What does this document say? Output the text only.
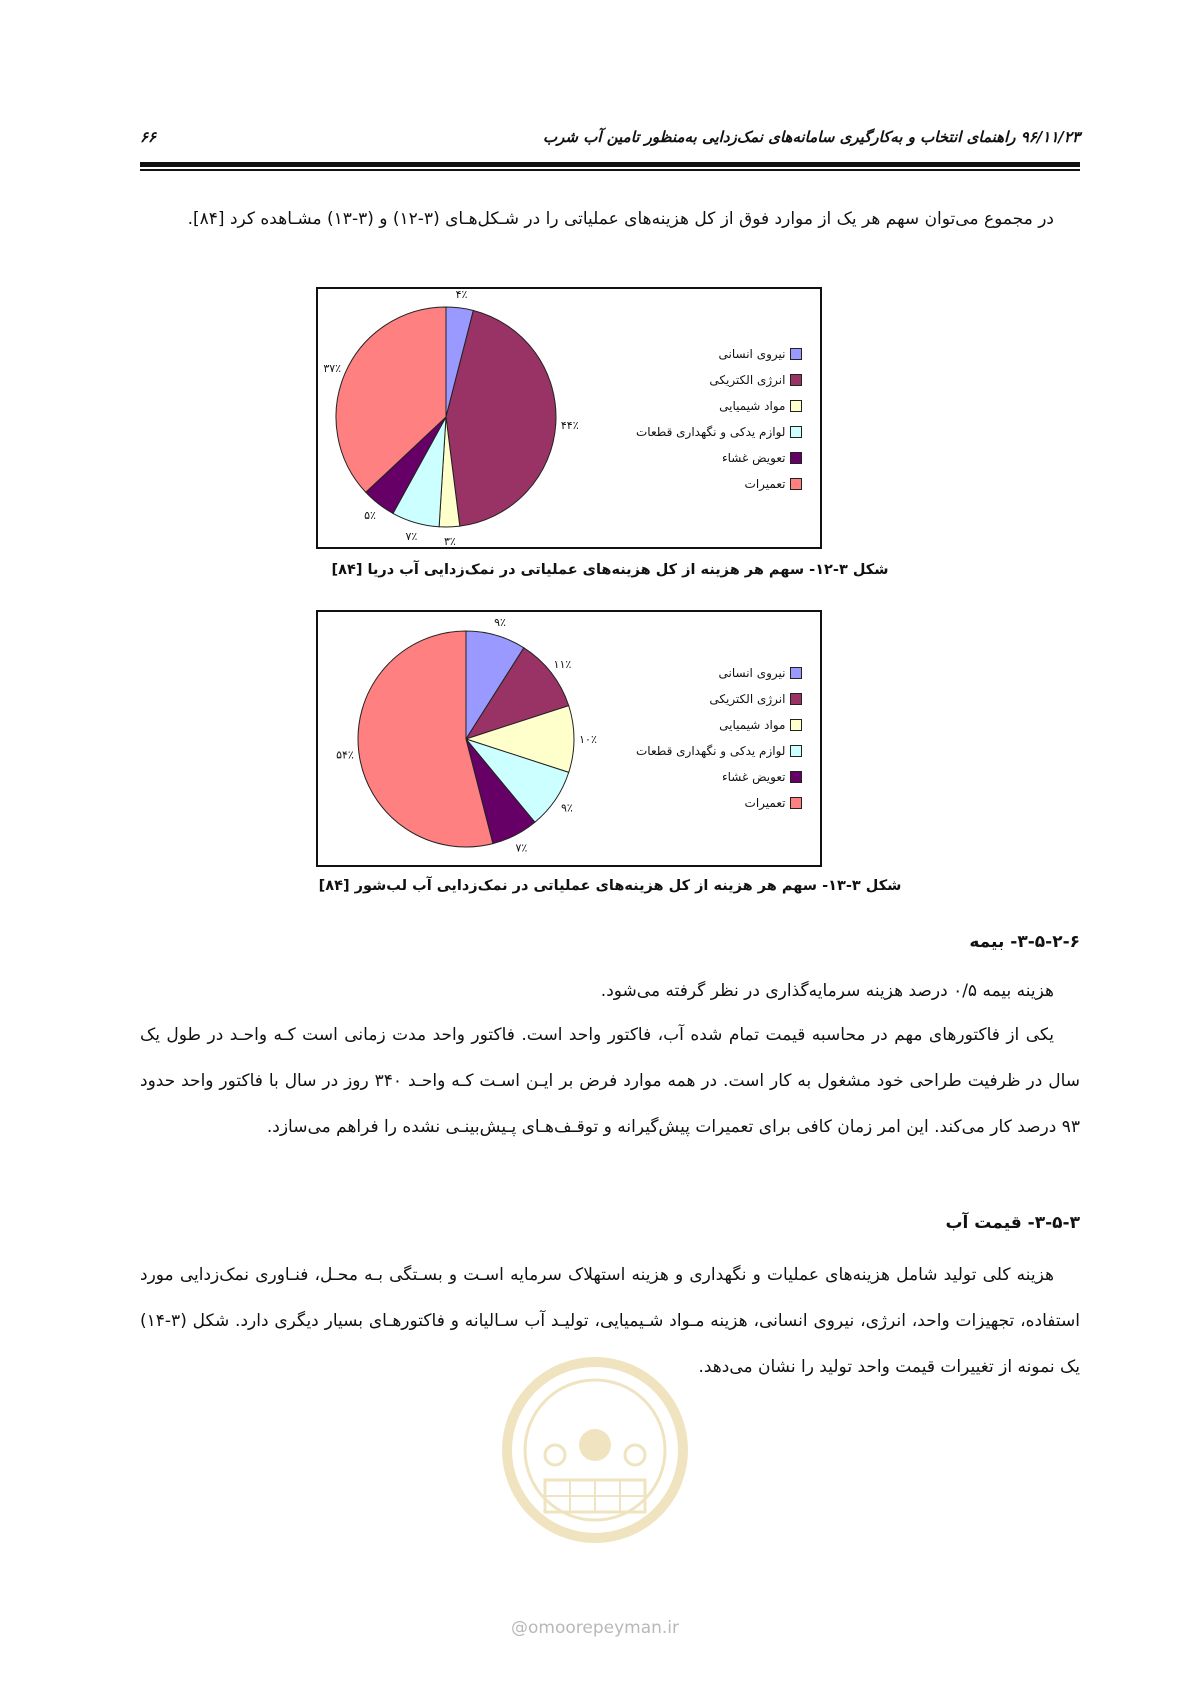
۹۶/۱۱/۲۳ راهنمای انتخاب و به‌کارگیری سامانه‌های نمک‌زدایی به‌منظور تامین آب شرب
۶۶
در مجموع می‌توان سهم هر یک از موارد فوق از کل هزینه‌های عملیاتی را در شـکل‌هـای (۳-۱۲) و (۳-۱۳) مشـاهده کرد [۸۴].
۴٪
۴۴٪
۳٪
۷٪
۵٪
۳۷٪
نیروی انسانی
انرژی الکتریکی
مواد شیمیایی
لوازم یدکی و نگهداری قطعات
تعویض غشاء
تعمیرات
شکل ۳-۱۲- سهم هر هزینه از کل هزینه‌های عملیاتی در نمک‌زدایی آب دریا [۸۴]
۹٪
۱۱٪
۱۰٪
۹٪
۷٪
۵۴٪
نیروی انسانی
انرژی الکتریکی
مواد شیمیایی
لوازم یدکی و نگهداری قطعات
تعویض غشاء
تعمیرات
شکل ۳-۱۳- سهم هر هزینه از کل هزینه‌های عملیاتی در نمک‌زدایی آب لب‌شور [۸۴]
۳-۵-۲-۶- بیمه
هزینه بیمه ۰/۵ درصد هزینه سرمایه‌گذاری در نظر گرفته می‌شود.
یکی از فاکتورهای مهم در محاسبه قیمت تمام شده آب، فاکتور واحد است. فاکتور واحد مدت زمانی است کـه واحـد در طول یک سال در ظرفیت طراحی خود مشغول به کار است. در همه موارد فرض بر ایـن اسـت کـه واحـد ۳۴۰ روز در سال با فاکتور واحد حدود ۹۳ درصد کار می‌کند. این امر زمان کافی برای تعمیرات پیش‌گیرانه و توقـف‌هـای پـیش‌بینـی نشده را فراهم می‌سازد.
۳-۵-۳- قیمت آب
هزینه کلی تولید شامل هزینه‌های عملیات و نگهداری و هزینه استهلاک سرمایه اسـت و بسـتگی بـه محـل، فنـاوری نمک‌زدایی مورد استفاده، تجهیزات واحد، انرژی، نیروی انسانی، هزینه مـواد شـیمیایی، تولیـد آب سـالیانه و فاکتورهـای بسیار دیگری دارد. شکل (۳-۱۴) یک نمونه از تغییرات قیمت واحد تولید را نشان می‌دهد.
@omoorepeyman.ir
